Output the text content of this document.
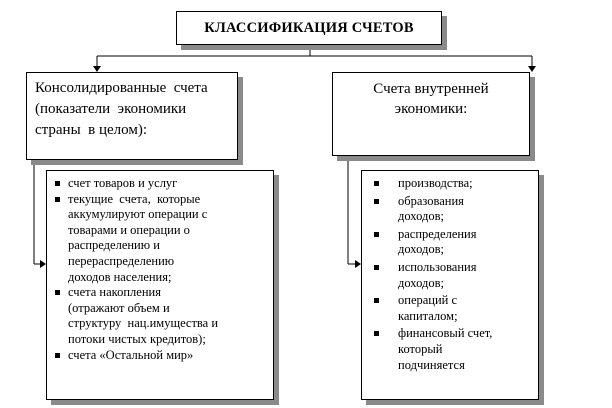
КЛАССИФИКАЦИЯ СЧЕТОВ
Консолидированные  счета
(показатели  экономики
страны  в целом):
Счета внутренней
экономики:
счет товаров и услуг
текущие  счета,  которые
аккумулируют операции с
товарами и операции о
распределению и
перераспределению
доходов населения;
счета накопления
(отражают объем и
структуру  нац.имущества и
потоки чистых кредитов);
счета «Остальной мир»
производства;
образования
доходов;
распределения
доходов;
использования
доходов;
операций с
капиталом;
финансовый счет,
который
подчиняется
